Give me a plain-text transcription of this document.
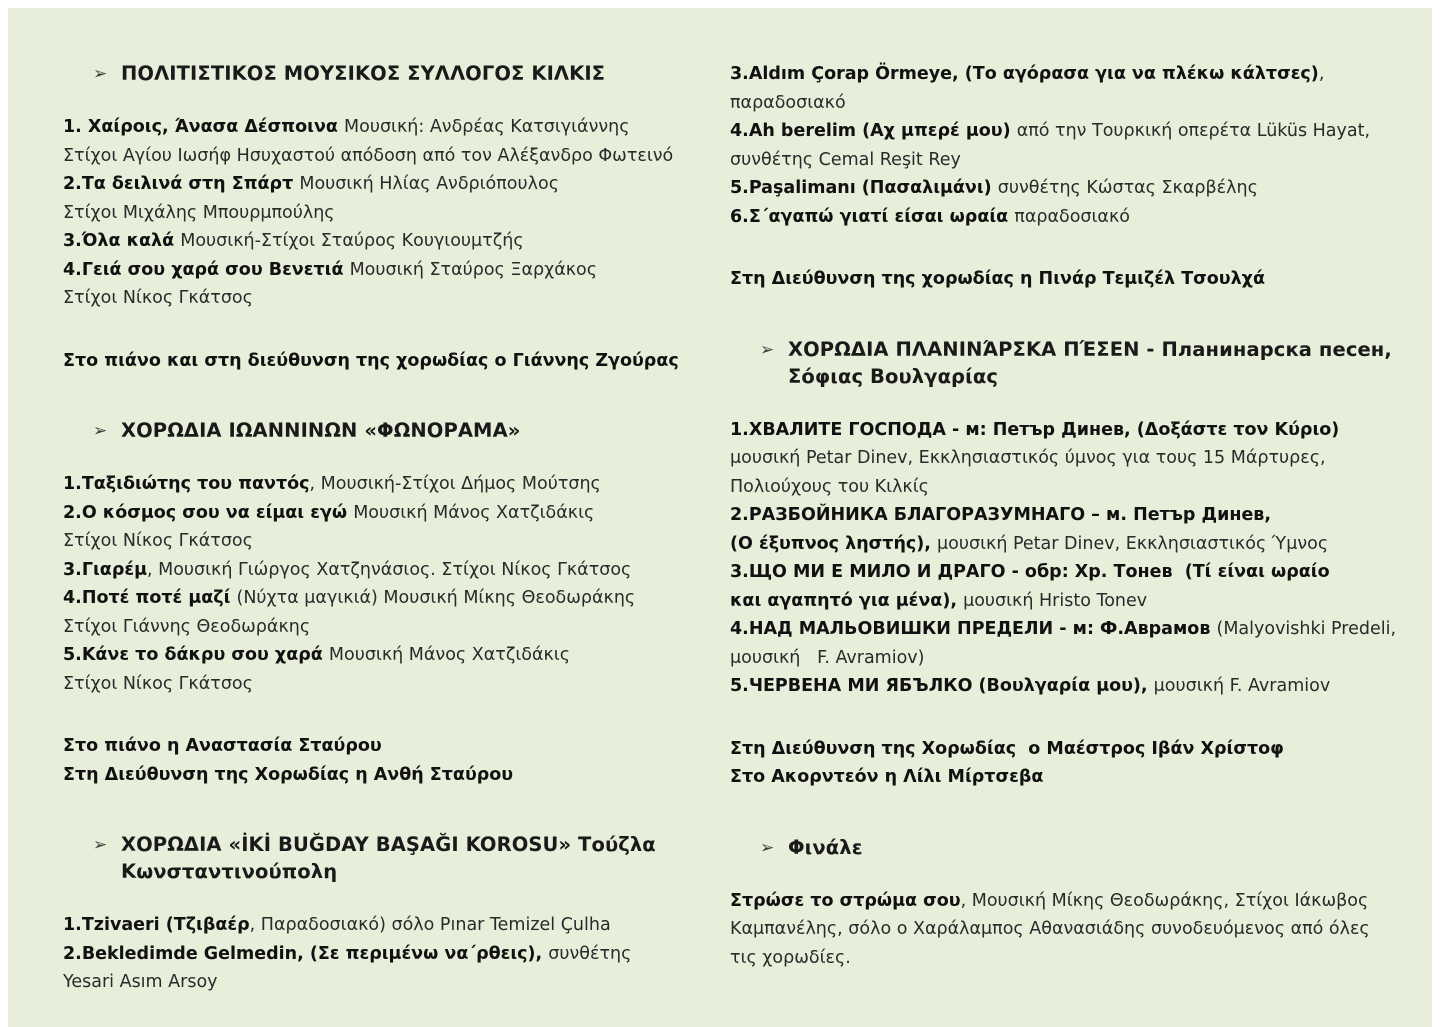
➢ ΠΟΛΙΤΙΣΤΙΚΟΣ ΜΟΥΣΙΚΟΣ ΣΥΛΛΟΓΟΣ ΚΙΛΚΙΣ
1. Χαίροις, Άνασα Δέσποινα Μουσική: Ανδρέας Κατσιγιάννης
Στίχοι Αγίου Ιωσήφ Ησυχαστού απόδοση από τον Αλέξανδρο Φωτεινό
2.Τα δειλινά στη Σπάρτ Μουσική Ηλίας Ανδριόπουλος
Στίχοι Μιχάλης Μπουρμπούλης
3.Όλα καλά Μουσική-Στίχοι Σταύρος Κουγιουμτζής
4.Γειά σου χαρά σου Βενετιά Μουσική Σταύρος Ξαρχάκος
Στίχοι Νίκος Γκάτσος
Στο πιάνο και στη διεύθυνση της χορωδίας ο Γιάννης Ζγούρας
➢ ΧΟΡΩΔΙΑ ΙΩΑΝΝΙΝΩΝ «ΦΩΝΟΡΑΜΑ»
1.Ταξιδιώτης του παντός, Μουσική-Στίχοι Δήμος Μούτσης
2.Ο κόσμος σου να είμαι εγώ Μουσική Μάνος Χατζιδάκις
Στίχοι Νίκος Γκάτσος
3.Γιαρέμ, Μουσική Γιώργος Χατζηνάσιος. Στίχοι Νίκος Γκάτσος
4.Ποτέ ποτέ μαζί (Νύχτα μαγικιά) Μουσική Μίκης Θεοδωράκης
Στίχοι Γιάννης Θεοδωράκης
5.Κάνε το δάκρυ σου χαρά Μουσική Μάνος Χατζιδάκις
Στίχοι Νίκος Γκάτσος
Στο πιάνο η Αναστασία Σταύρου
Στη Διεύθυνση της Χορωδίας η Ανθή Σταύρου
➢ ΧΟΡΩΔΙΑ «İKİ BUĞDAY BAŞAĞI KOROSU» Τούζλα
Κωνσταντινούπολη
1.Tzivaeri (Τζιβαέρ, Παραδοσιακό) σόλο Pınar Temizel Çulha
2.Bekledimde Gelmedin, (Σε περιμένω να΄ρθεις), συνθέτης
Yesari Asım Arsoy
3.Aldım Çorap Örmeye, (Το αγόρασα για να πλέκω κάλτσες),
παραδοσιακό
4.Ah berelim (Αχ μπερέ μου) από την Τουρκική οπερέτα Lüküs Hayat,
συνθέτης Cemal Reşit Rey
5.Paşalimanı (Πασαλιμάνι) συνθέτης Κώστας Σκαρβέλης
6.Σ΄αγαπώ γιατί είσαι ωραία παραδοσιακό
Στη Διεύθυνση της χορωδίας η Πινάρ Τεμιζέλ Τσουλχά
➢ ΧΟΡΩΔΙΑ ΠΛΑΝΙΝΆΡΣΚΑ ΠΈΣΕΝ - Планинарска песен,
Σόφιας Βουλγαρίας
1.ХВАЛИТЕ ГОСПОДА - м: Петър Динев, (Δοξάστε τον Κύριο)
μουσική Petar Dinev, Εκκλησιαστικός ύμνος για τους 15 Μάρτυρες,
Πολιούχους του Κιλκίς
2.РАЗБОЙНИКА БЛАГОРАЗУМНАГО – м. Петър Динев,
(Ο έξυπνος ληστής), μουσική Petar Dinev, Εκκλησιαστικός Ύμνος
3.ЩО МИ Е МИЛО И ДРАГО - обр: Хр. Тонев  (Τί είναι ωραίο
και αγαπητό για μένα), μουσική Hristo Tonev
4.НАД МАЛЬОВИШКИ ПРЕДЕЛИ - м: Ф.Аврамов (Malyovishki Predeli,
μουσική   F. Avramiov)
5.ЧЕРВЕНА МИ ЯБЪЛКО (Βουλγαρία μου), μουσική F. Avramiov
Στη Διεύθυνση της Χορωδίας  ο Μαέστρος Ιβάν Χρίστοφ
Στο Ακορντεόν η Λίλι Μίρτσεβα
➢ Φινάλε
Στρώσε το στρώμα σου, Μουσική Μίκης Θεοδωράκης, Στίχοι Ιάκωβος
Καμπανέλης, σόλο ο Χαράλαμπος Αθανασιάδης συνοδευόμενος από όλες
τις χορωδίες.
